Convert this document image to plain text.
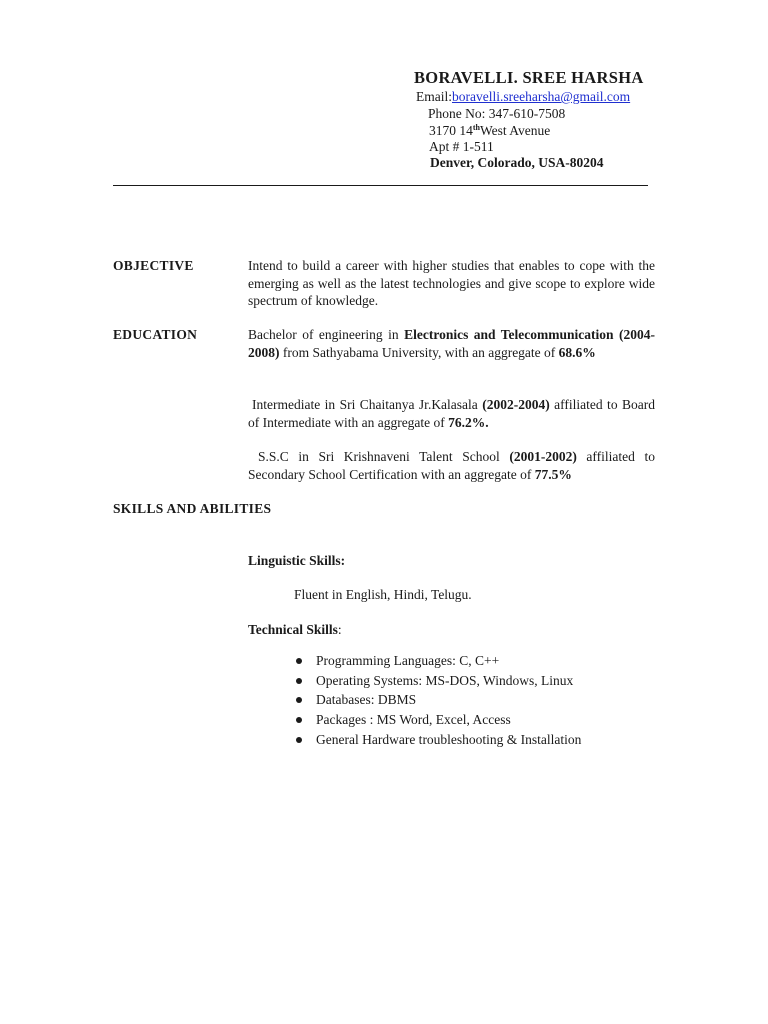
BORAVELLI. SREE HARSHA
Email:boravelli.sreeharsha@gmail.com
Phone No: 347-610-7508
3170 14thWest Avenue
Apt # 1-511
Denver, Colorado, USA-80204
OBJECTIVE	Intend to build a career with higher studies that enables to cope with the emerging as well as the latest technologies and give scope to explore wide spectrum of knowledge.
EDUCATION	Bachelor of engineering in Electronics and Telecommunication (2004-2008) from Sathyabama University, with an aggregate of 68.6%
Intermediate in Sri Chaitanya Jr.Kalasala (2002-2004) affiliated to Board of Intermediate with an aggregate of 76.2%.
S.S.C in Sri Krishnaveni Talent School (2001-2002) affiliated to Secondary School Certification with an aggregate of 77.5%
SKILLS AND ABILITIES
Linguistic Skills:
Fluent in English, Hindi, Telugu.
Technical Skills:
Programming Languages: C, C++
Operating Systems: MS-DOS, Windows, Linux
Databases: DBMS
Packages : MS Word, Excel, Access
General Hardware troubleshooting & Installation
